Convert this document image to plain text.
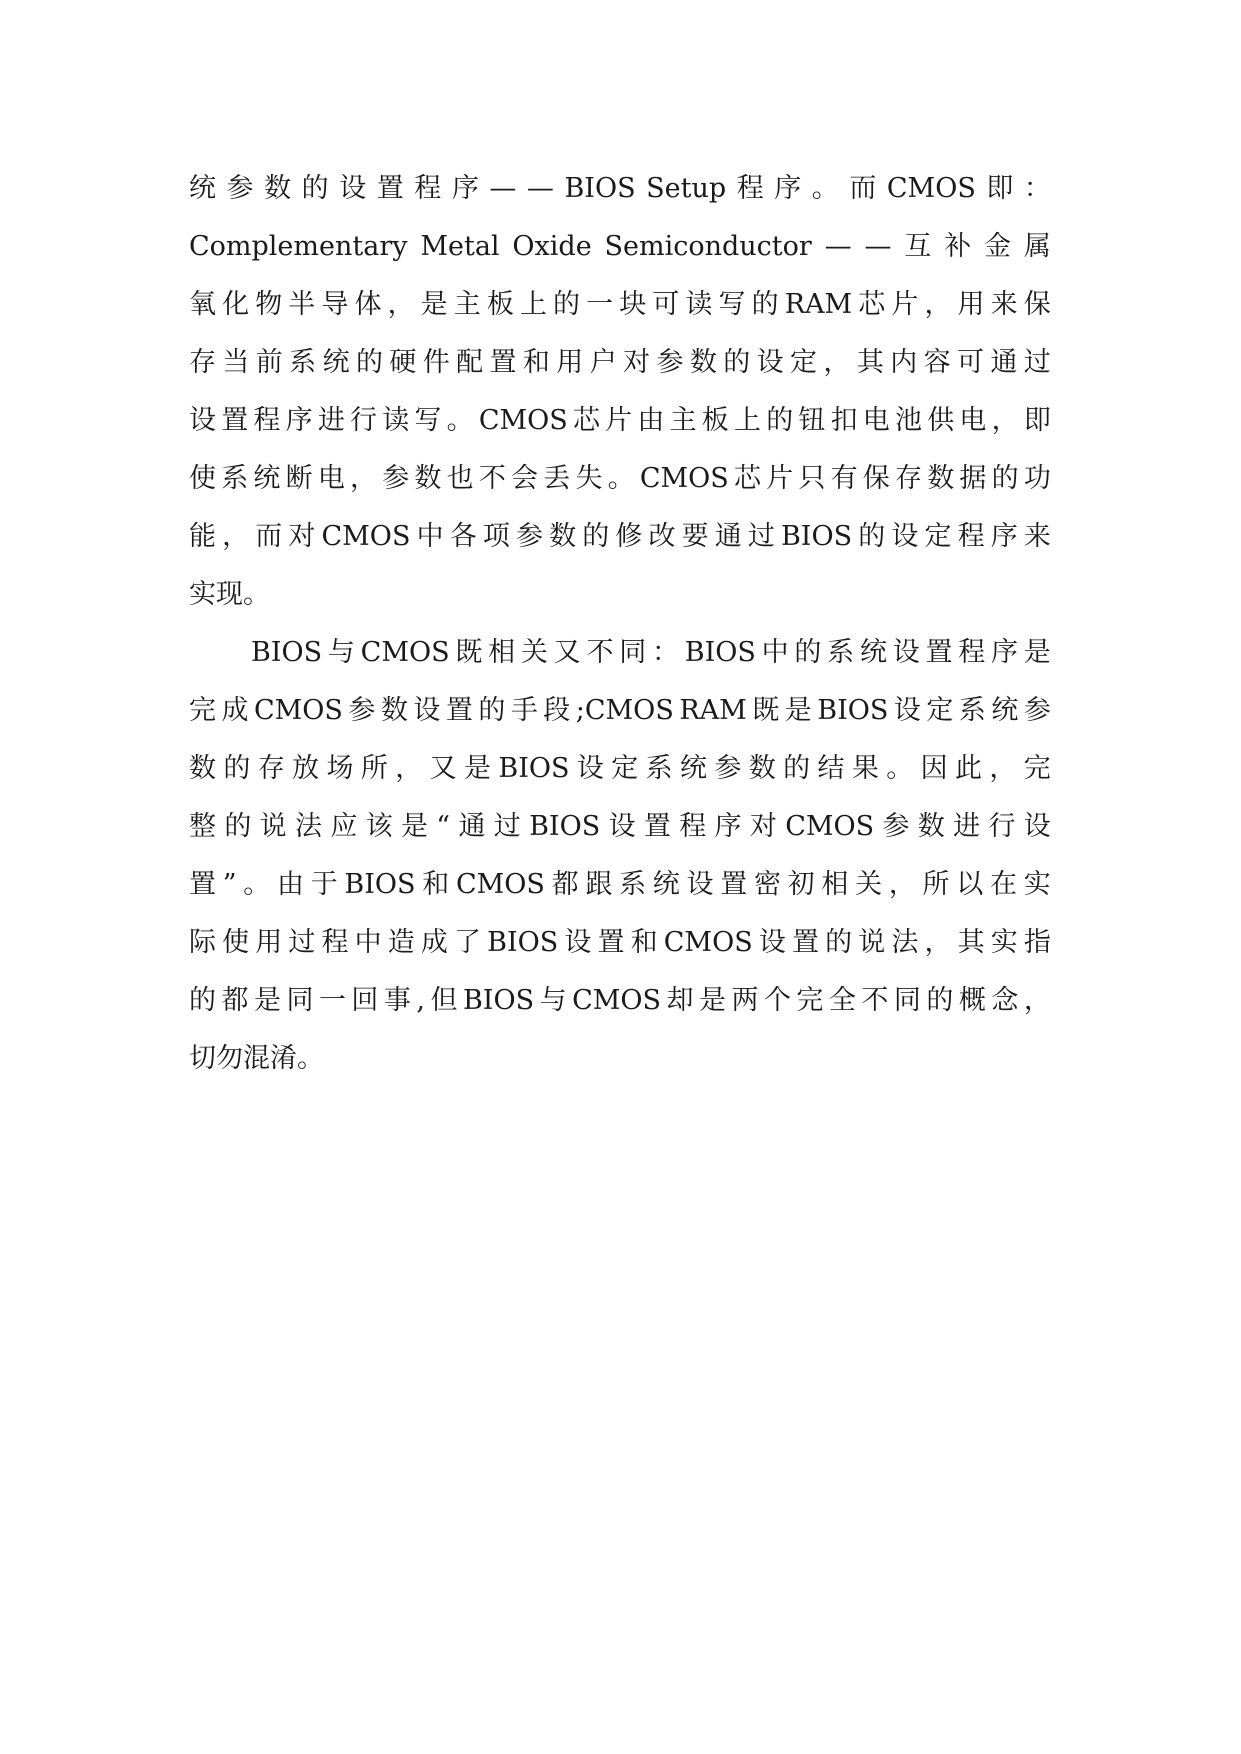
统 参 数 的 设 置 程 序 — — BIOS Setup 程 序 。 而 CMOS 即 ：
Complementary Metal Oxide Semiconductor — — 互 补 金 属
氧 化 物 半 导 体 ， 是 主 板 上 的 一 块 可 读 写 的 RAM 芯 片 ， 用 来 保
存 当 前 系 统 的 硬 件 配 置 和 用 户 对 参 数 的 设 定 ， 其 内 容 可 通 过
设 置 程 序 进 行 读 写 。 CMOS 芯 片 由 主 板 上 的 钮 扣 电 池 供 电 ， 即
使 系 统 断 电 ， 参 数 也 不 会 丢 失 。 CMOS 芯 片 只 有 保 存 数 据 的 功
能 ， 而 对 CMOS 中 各 项 参 数 的 修 改 要 通 过 BIOS 的 设 定 程 序 来
实 现 。
BIOS 与 CMOS 既 相 关 又 不 同 ： BIOS 中 的 系 统 设 置 程 序 是
完 成 CMOS 参 数 设 置 的 手 段 ;CMOS RAM 既 是 BIOS 设 定 系 统 参
数 的 存 放 场 所 ， 又 是 BIOS 设 定 系 统 参 数 的 结 果 。 因 此 ， 完
整 的 说 法 应 该 是 “ 通 过 BIOS 设 置 程 序 对 CMOS 参 数 进 行 设
置 ” 。 由 于 BIOS 和 CMOS 都 跟 系 统 设 置 密 初 相 关 ， 所 以 在 实
际 使 用 过 程 中 造 成 了 BIOS 设 置 和 CMOS 设 置 的 说 法 ， 其 实 指
的 都 是 同 一 回 事 , 但 BIOS 与 CMOS 却 是 两 个 完 全 不 同 的 概 念 ，
切 勿 混 淆 。
